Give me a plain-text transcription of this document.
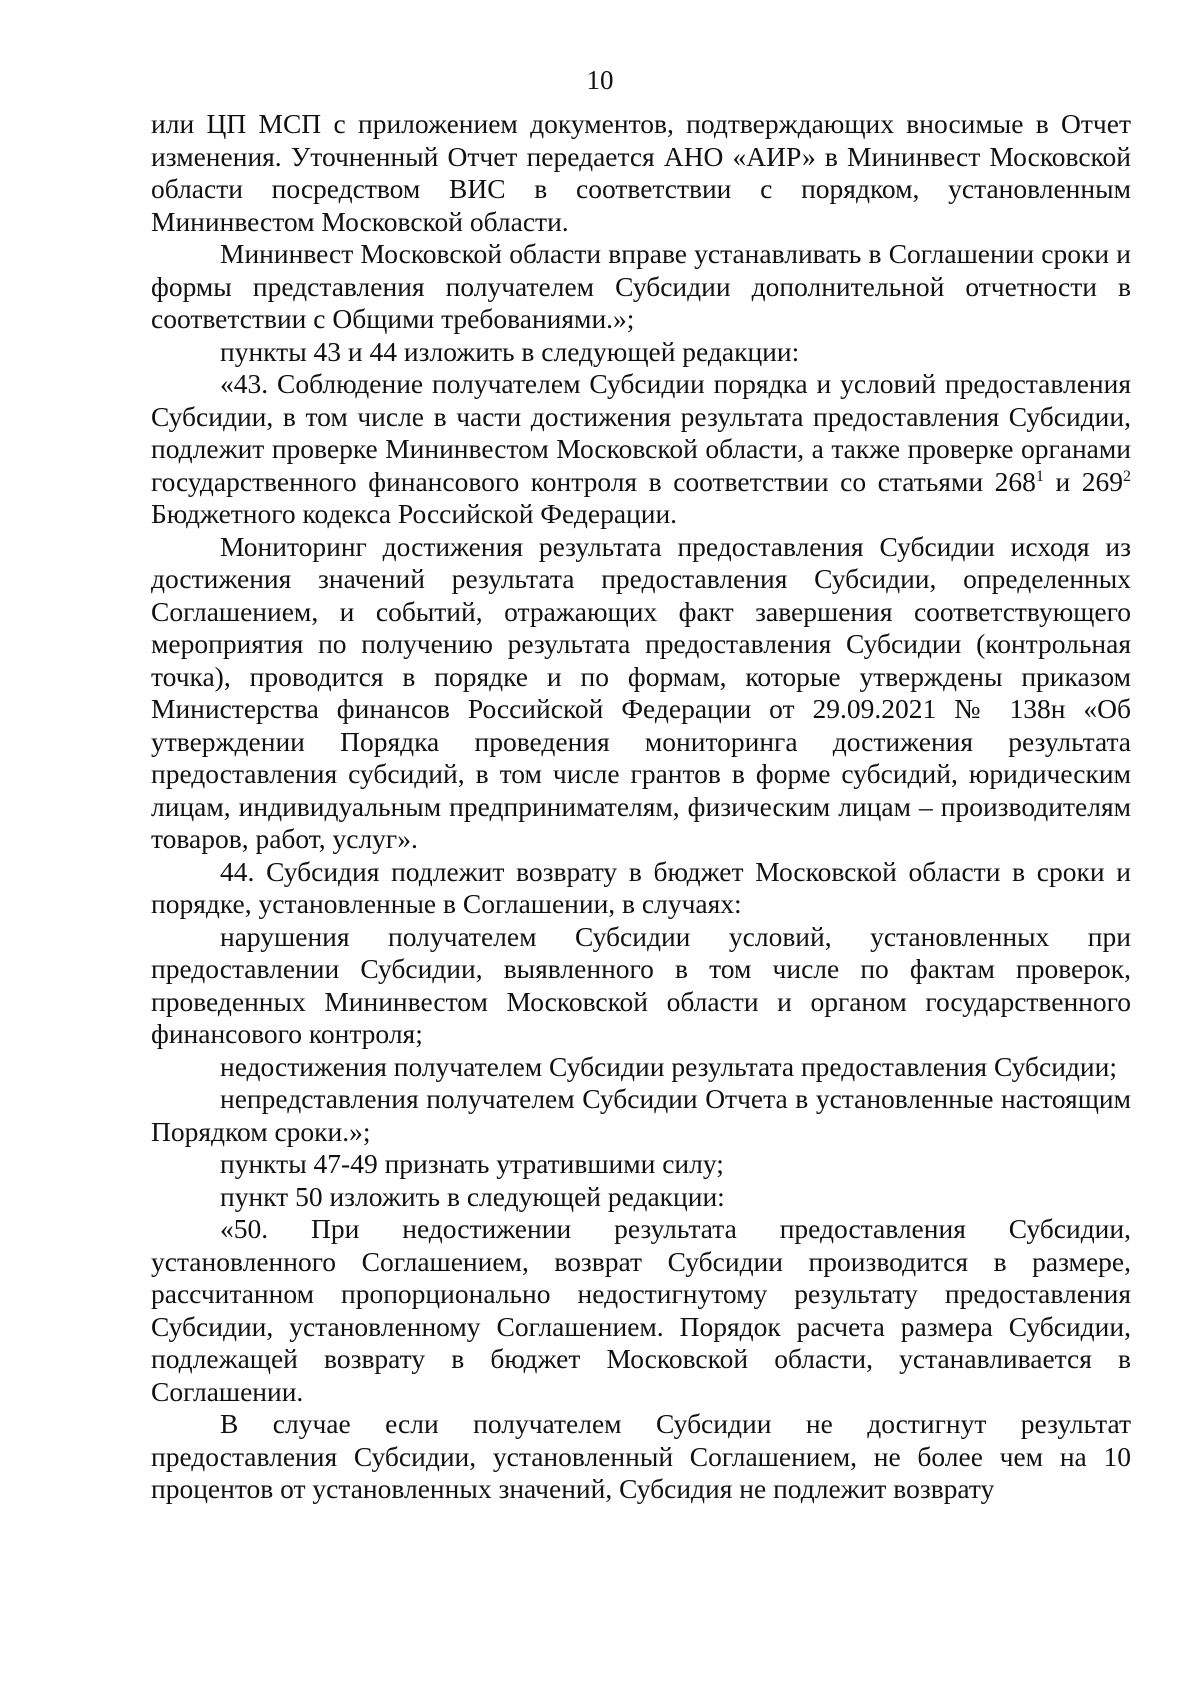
10

или ЦП МСП с приложением документов, подтверждающих вносимые в Отчет изменения. Уточненный Отчет передается АНО «АИР» в Мининвест Московской области посредством ВИС в соответствии с порядком, установленным Мининвестом Московской области.

Мининвест Московской области вправе устанавливать в Соглашении сроки и формы представления получателем Субсидии дополнительной отчетности в соответствии с Общими требованиями.»;

пункты 43 и 44 изложить в следующей редакции:

«43. Соблюдение получателем Субсидии порядка и условий предоставления Субсидии, в том числе в части достижения результата предоставления Субсидии, подлежит проверке Мининвестом Московской области, а также проверке органами государственного финансового контроля в соответствии со статьями $268^1$ и $269^2$ Бюджетного кодекса Российской Федерации.

Мониторинг достижения результата предоставления Субсидии исходя из достижения значений результата предоставления Субсидии, определенных Соглашением, и событий, отражающих факт завершения соответствующего мероприятия по получению результата предоставления Субсидии (контрольная точка), проводится в порядке и по формам, которые утверждены приказом Министерства финансов Российской Федерации от 29.09.2021 № 138н «Об утверждении Порядка проведения мониторинга достижения результата предоставления субсидий, в том числе грантов в форме субсидий, юридическим лицам, индивидуальным предпринимателям, физическим лицам – производителям товаров, работ, услуг».

44. Субсидия подлежит возврату в бюджет Московской области в сроки и порядке, установленные в Соглашении, в случаях:

нарушения получателем Субсидии условий, установленных при предоставлении Субсидии, выявленного в том числе по фактам проверок, проведенных Мининвестом Московской области и органом государственного финансового контроля;

недостижения получателем Субсидии результата предоставления Субсидии;

непредставления получателем Субсидии Отчета в установленные настоящим Порядком сроки.»;

пункты 47-49 признать утратившими силу;

пункт 50 изложить в следующей редакции:

«50. При недостижении результата предоставления Субсидии, установленного Соглашением, возврат Субсидии производится в размере, рассчитанном пропорционально недостигнутому результату предоставления Субсидии, установленному Соглашением. Порядок расчета размера Субсидии, подлежащей возврату в бюджет Московской области, устанавливается в Соглашении.

В случае если получателем Субсидии не достигнут результат предоставления Субсидии, установленный Соглашением, не более чем на 10 процентов от установленных значений, Субсидия не подлежит возврату
